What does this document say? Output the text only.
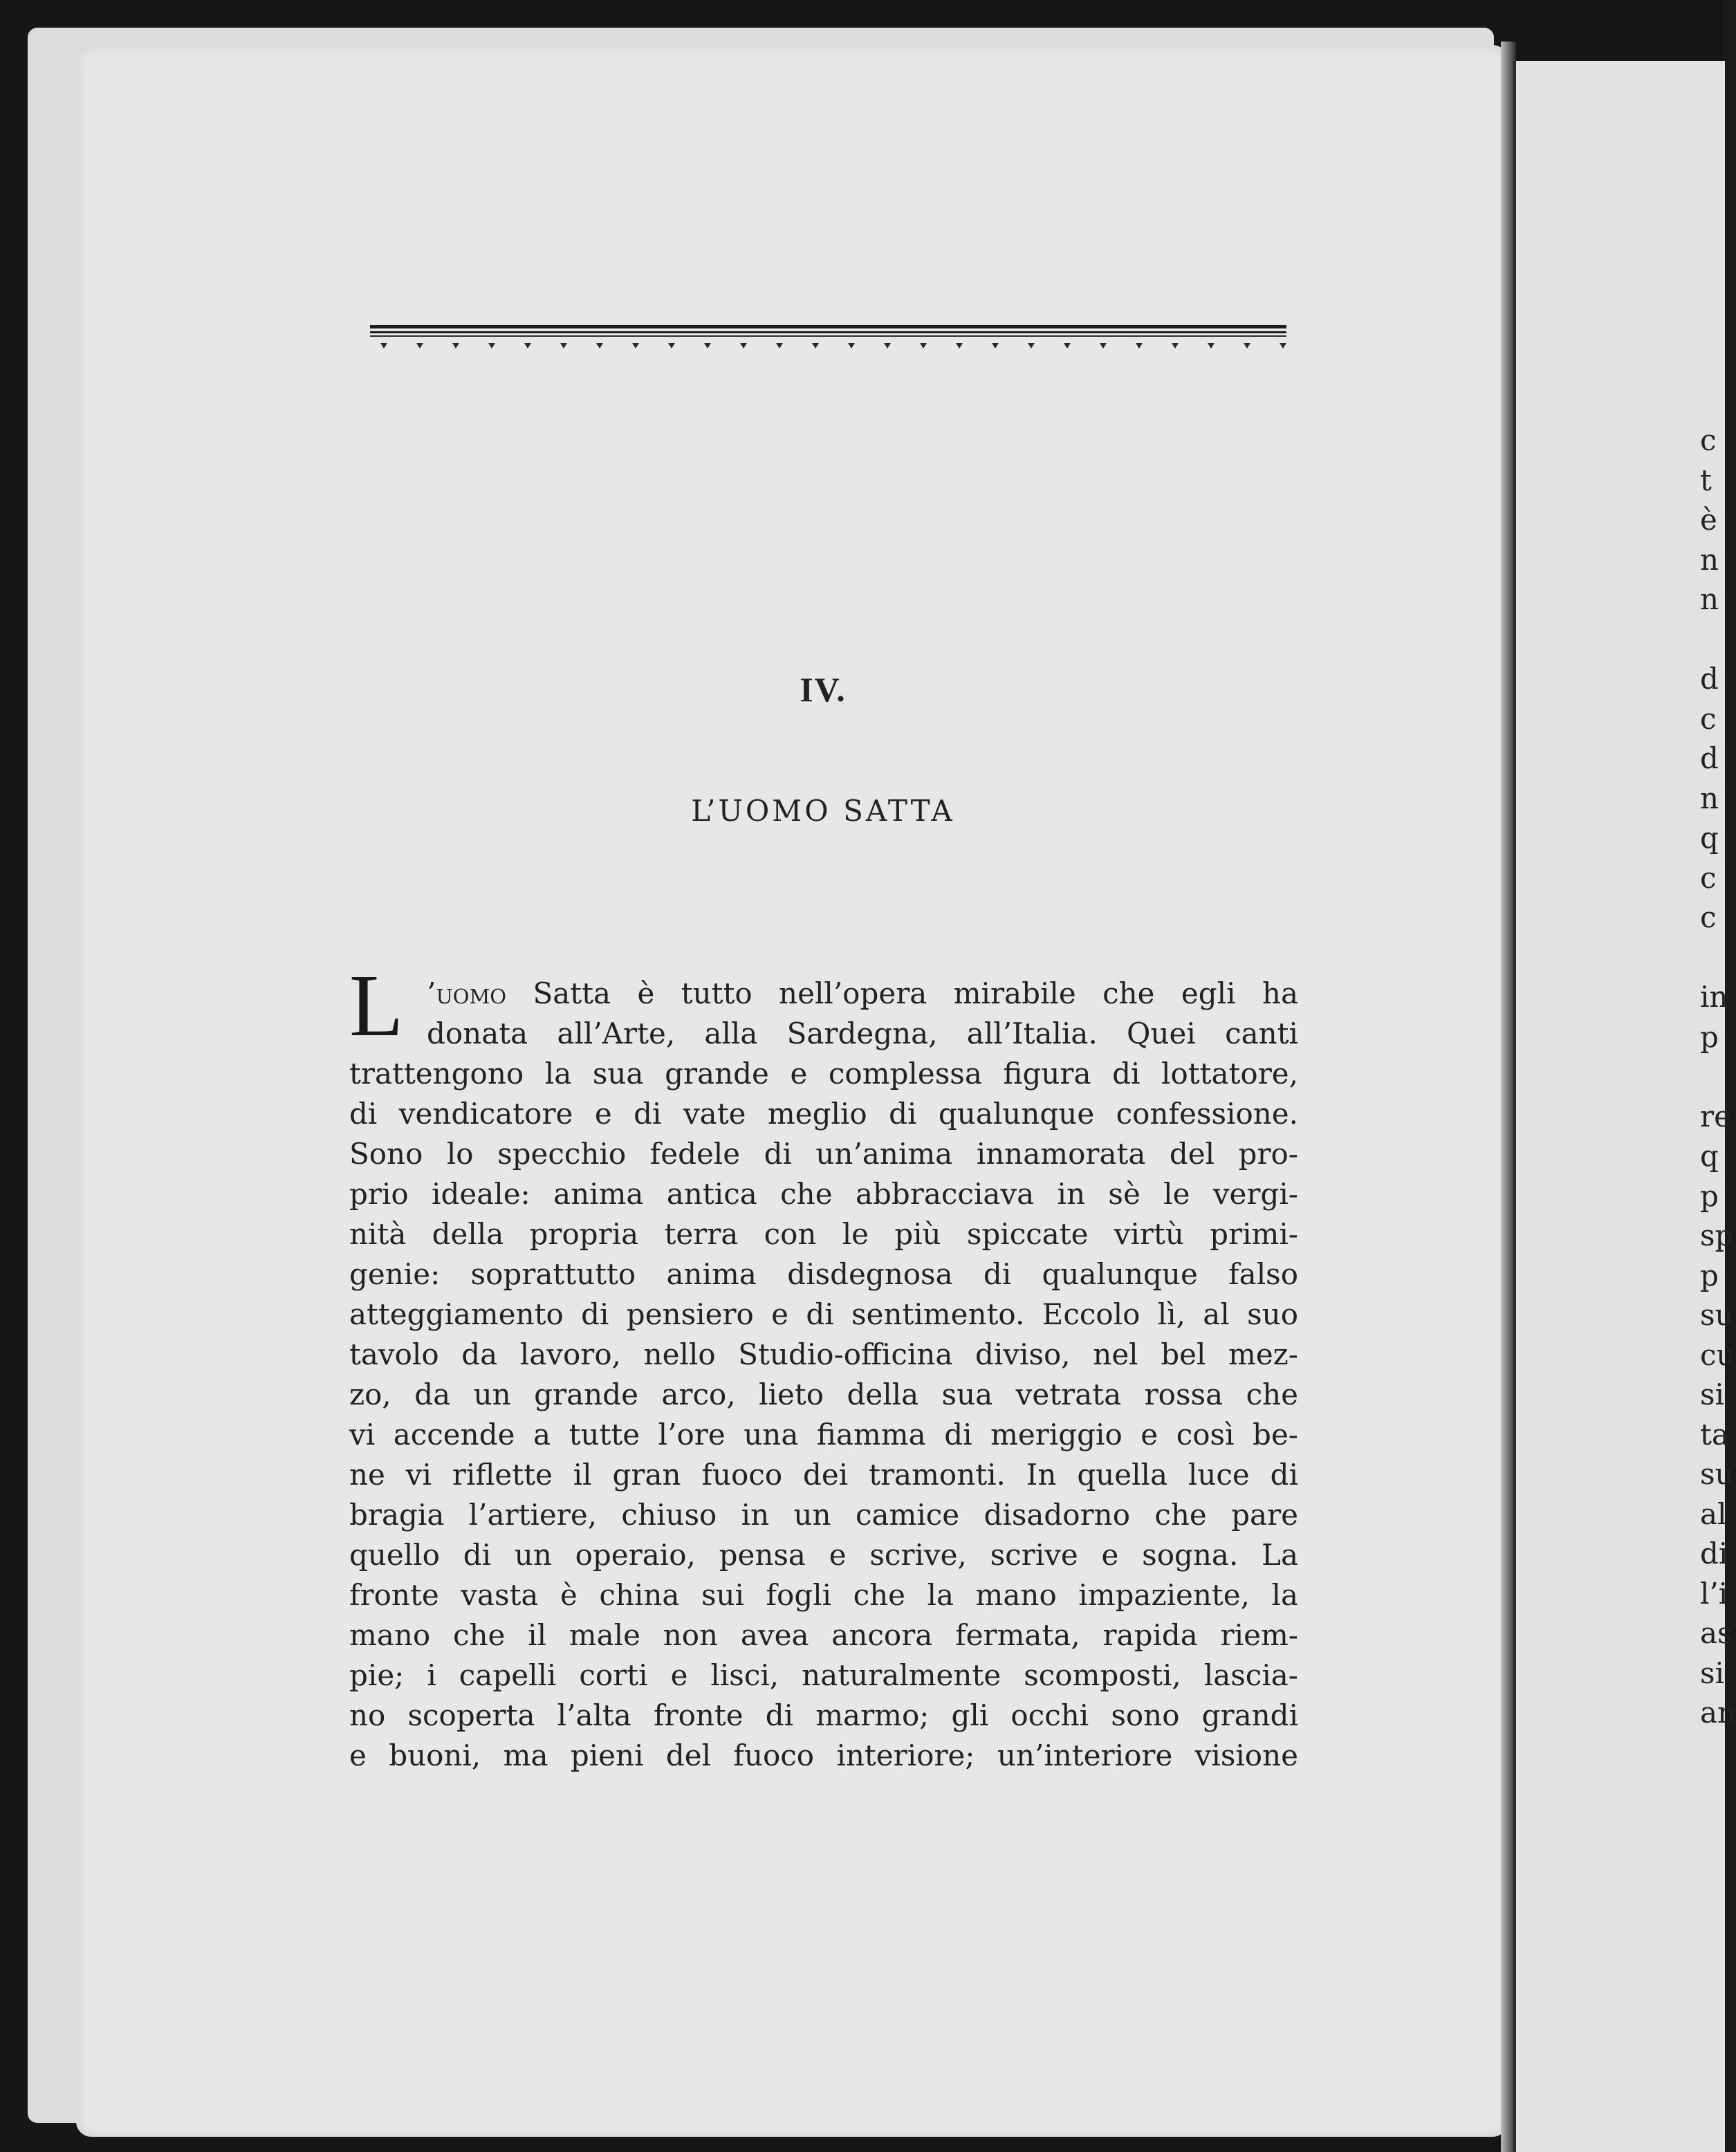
IV.
L’UOMO SATTA
L ’uomo Satta è tutto nell’opera mirabile che egli ha
donata all’Arte, alla Sardegna, all’Italia. Quei canti
trattengono la sua grande e complessa figura di lottatore,
di vendicatore e di vate meglio di qualunque confessione.
Sono lo specchio fedele di un’anima innamorata del pro-
prio ideale: anima antica che abbracciava in sè le vergi-
nità della propria terra con le più spiccate virtù primi-
genie: soprattutto anima disdegnosa di qualunque falso
atteggiamento di pensiero e di sentimento. Eccolo lì, al suo
tavolo da lavoro, nello Studio-officina diviso, nel bel mez-
zo, da un grande arco, lieto della sua vetrata rossa che
vi accende a tutte l’ore una fiamma di meriggio e così be-
ne vi riflette il gran fuoco dei tramonti. In quella luce di
bragia l’artiere, chiuso in un camice disadorno che pare
quello di un operaio, pensa e scrive, scrive e sogna. La
fronte vasta è china sui fogli che la mano impaziente, la
mano che il male non avea ancora fermata, rapida riem-
pie; i capelli corti e lisci, naturalmente scomposti, lascia-
no scoperta l’alta fronte di marmo; gli occhi sono grandi
e buoni, ma pieni del fuoco interiore; un’interiore visione
c
t
è
n
n
d
c
d
n
q
c
c
in
p
re
q
p
sp
p
su
cu
si
ta
su
al
di
l’i
as
si
an
